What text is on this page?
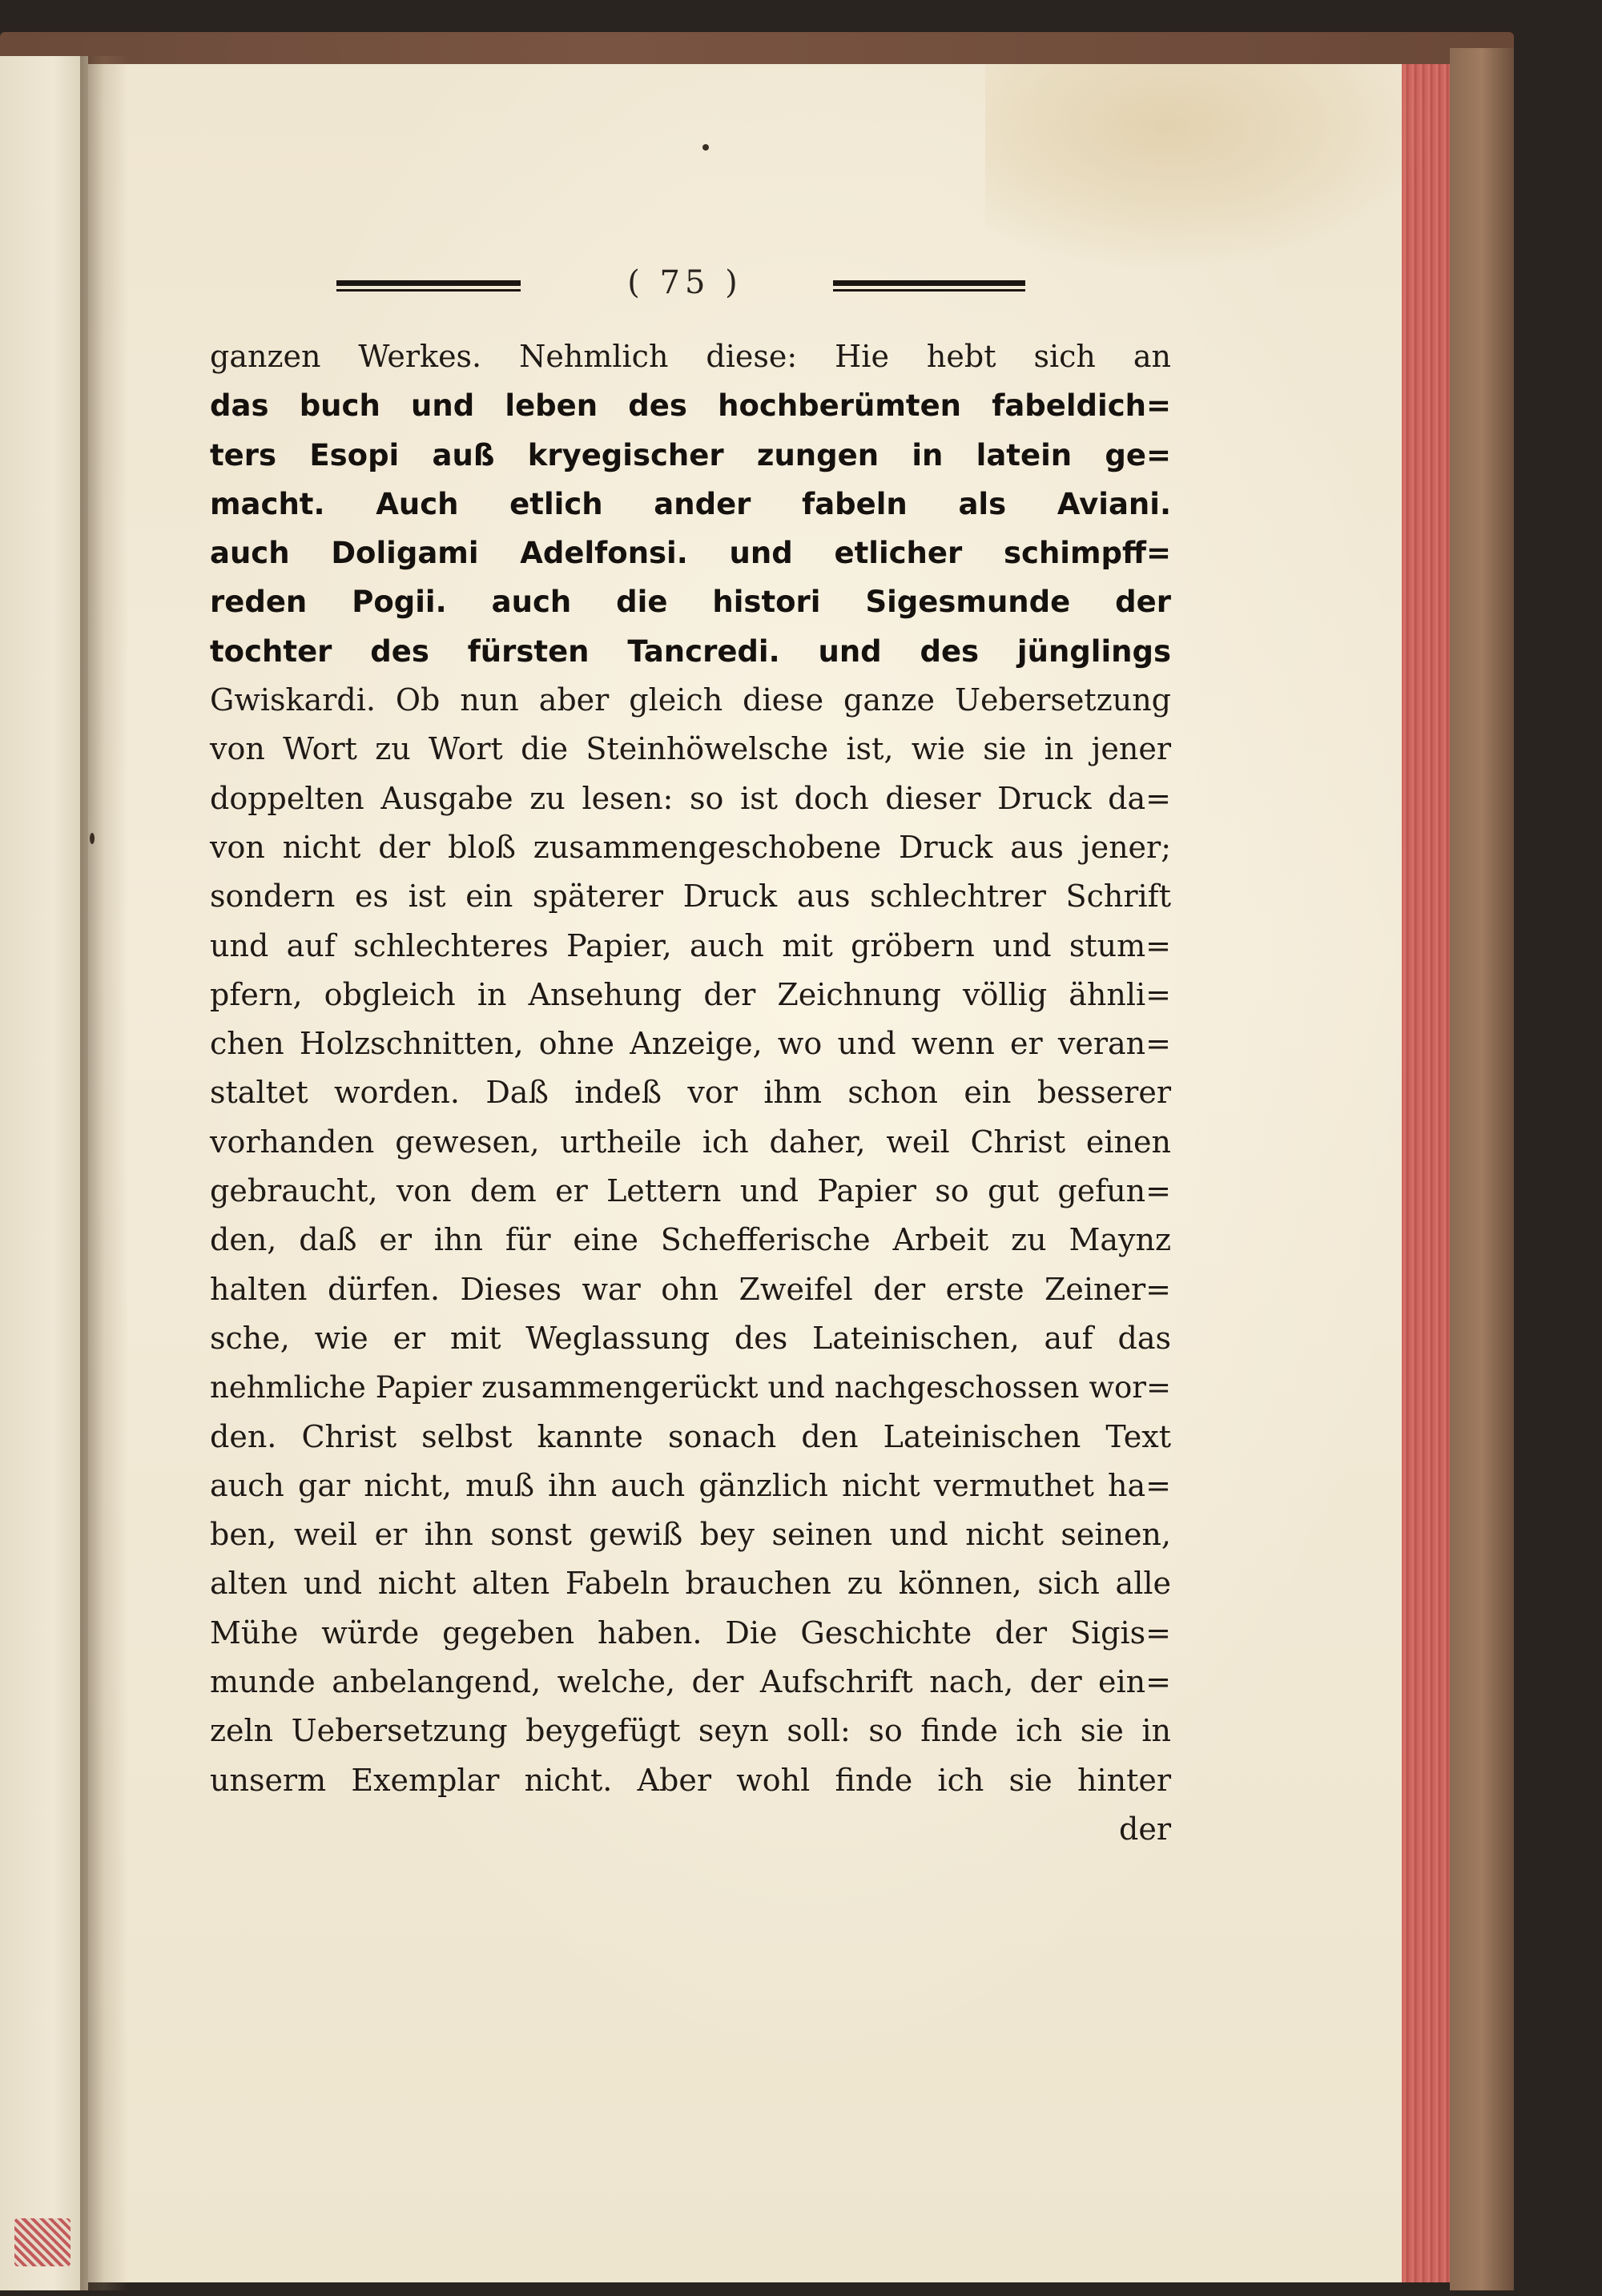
( 75 )
ganzen Werkes. Nehmlich diese: Hie hebt sich an
das buch und leben des hochberümten fabeldich=
ters Esopi auß kryegischer zungen in latein ge=
macht. Auch etlich ander fabeln als Aviani.
auch Doligami Adelfonsi. und etlicher schimpff=
reden Pogii. auch die histori Sigesmunde der
tochter des fürsten Tancredi. und des jünglings
Gwiskardi. Ob nun aber gleich diese ganze Uebersetzung
von Wort zu Wort die Steinhöwelsche ist, wie sie in jener
doppelten Ausgabe zu lesen: so ist doch dieser Druck da=
von nicht der bloß zusammengeschobene Druck aus jener;
sondern es ist ein späterer Druck aus schlechtrer Schrift
und auf schlechteres Papier, auch mit gröbern und stum=
pfern, obgleich in Ansehung der Zeichnung völlig ähnli=
chen Holzschnitten, ohne Anzeige, wo und wenn er veran=
staltet worden. Daß indeß vor ihm schon ein besserer
vorhanden gewesen, urtheile ich daher, weil Christ einen
gebraucht, von dem er Lettern und Papier so gut gefun=
den, daß er ihn für eine Schefferische Arbeit zu Maynz
halten dürfen. Dieses war ohn Zweifel der erste Zeiner=
sche, wie er mit Weglassung des Lateinischen, auf das
nehmliche Papier zusammengerückt und nachgeschossen wor=
den. Christ selbst kannte sonach den Lateinischen Text
auch gar nicht, muß ihn auch gänzlich nicht vermuthet ha=
ben, weil er ihn sonst gewiß bey seinen und nicht seinen,
alten und nicht alten Fabeln brauchen zu können, sich alle
Mühe würde gegeben haben. Die Geschichte der Sigis=
munde anbelangend, welche, der Aufschrift nach, der ein=
zeln Uebersetzung beygefügt seyn soll: so finde ich sie in
unserm Exemplar nicht. Aber wohl finde ich sie hinter
der
